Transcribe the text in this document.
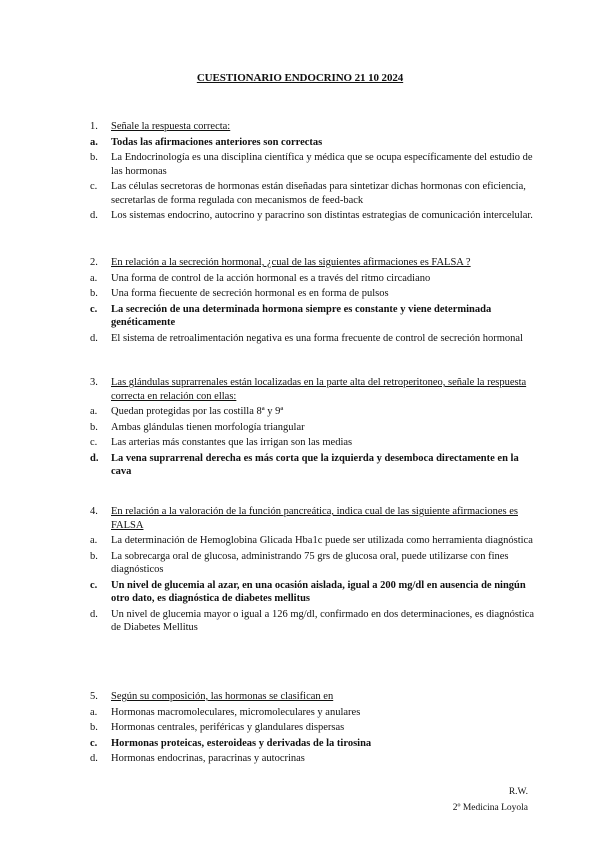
CUESTIONARIO ENDOCRINO 21 10 2024
1. Señale la respuesta correcta:
a. Todas las afirmaciones anteriores son correctas
b. La Endocrinología es una disciplina científica y médica que se ocupa específicamente del estudio de las hormonas
c. Las células secretoras de hormonas están diseñadas para sintetizar dichas hormonas con eficiencia, secretarlas de forma regulada con mecanismos de feed-back
d. Los sistemas endocrino, autocrino y paracrino son distintas estrategias de comunicación intercelular.
2. En relación a la secreción hormonal, ¿cual de las siguientes afirmaciones es FALSA ?
a. Una forma de control de la acción hormonal es a través del ritmo circadiano
b. Una forma fiecuente de secreción hormonal es en forma de pulsos
c. La secreción de una determinada hormona siempre es constante y viene determinada genéticamente
d. El sistema de retroalimentación negativa es una forma frecuente de control de secreción hormonal
3. Las glándulas suprarrenales están localizadas en la parte alta del retroperitoneo, señale la respuesta correcta en relación con ellas:
a. Quedan protegidas por las costilla 8ª y 9ª
b. Ambas glándulas tienen morfología triangular
c. Las arterias más constantes que las irrigan son las medias
d. La vena suprarrenal derecha es más corta que la izquierda y desemboca directamente en la cava
4. En relación a la valoración de la función pancreática, indica cual de las siguiente afirmaciones es FALSA
a. La determinación de Hemoglobina Glicada Hba1c puede ser utilizada como herramienta diagnóstica
b. La sobrecarga oral de glucosa, administrando 75 grs de glucosa oral, puede utilizarse con fines diagnósticos
c. Un nivel de glucemia al azar, en una ocasión aislada, igual a 200 mg/dl en ausencia de ningún otro dato, es diagnóstica de diabetes mellitus
d. Un nivel de glucemia mayor o igual a 126 mg/dl, confirmado en dos determinaciones, es diagnóstica de Diabetes Mellitus
5. Según su composición, las hormonas se clasifican en
a. Hormonas macromoleculares, micromoleculares y anulares
b. Hormonas centrales, periféricas y glandulares dispersas
c. Hormonas proteicas, esteroideas y derivadas de la tirosina
d. Hormonas endocrinas, paracrinas y autocrinas
R.W.
2º Medicina Loyola
